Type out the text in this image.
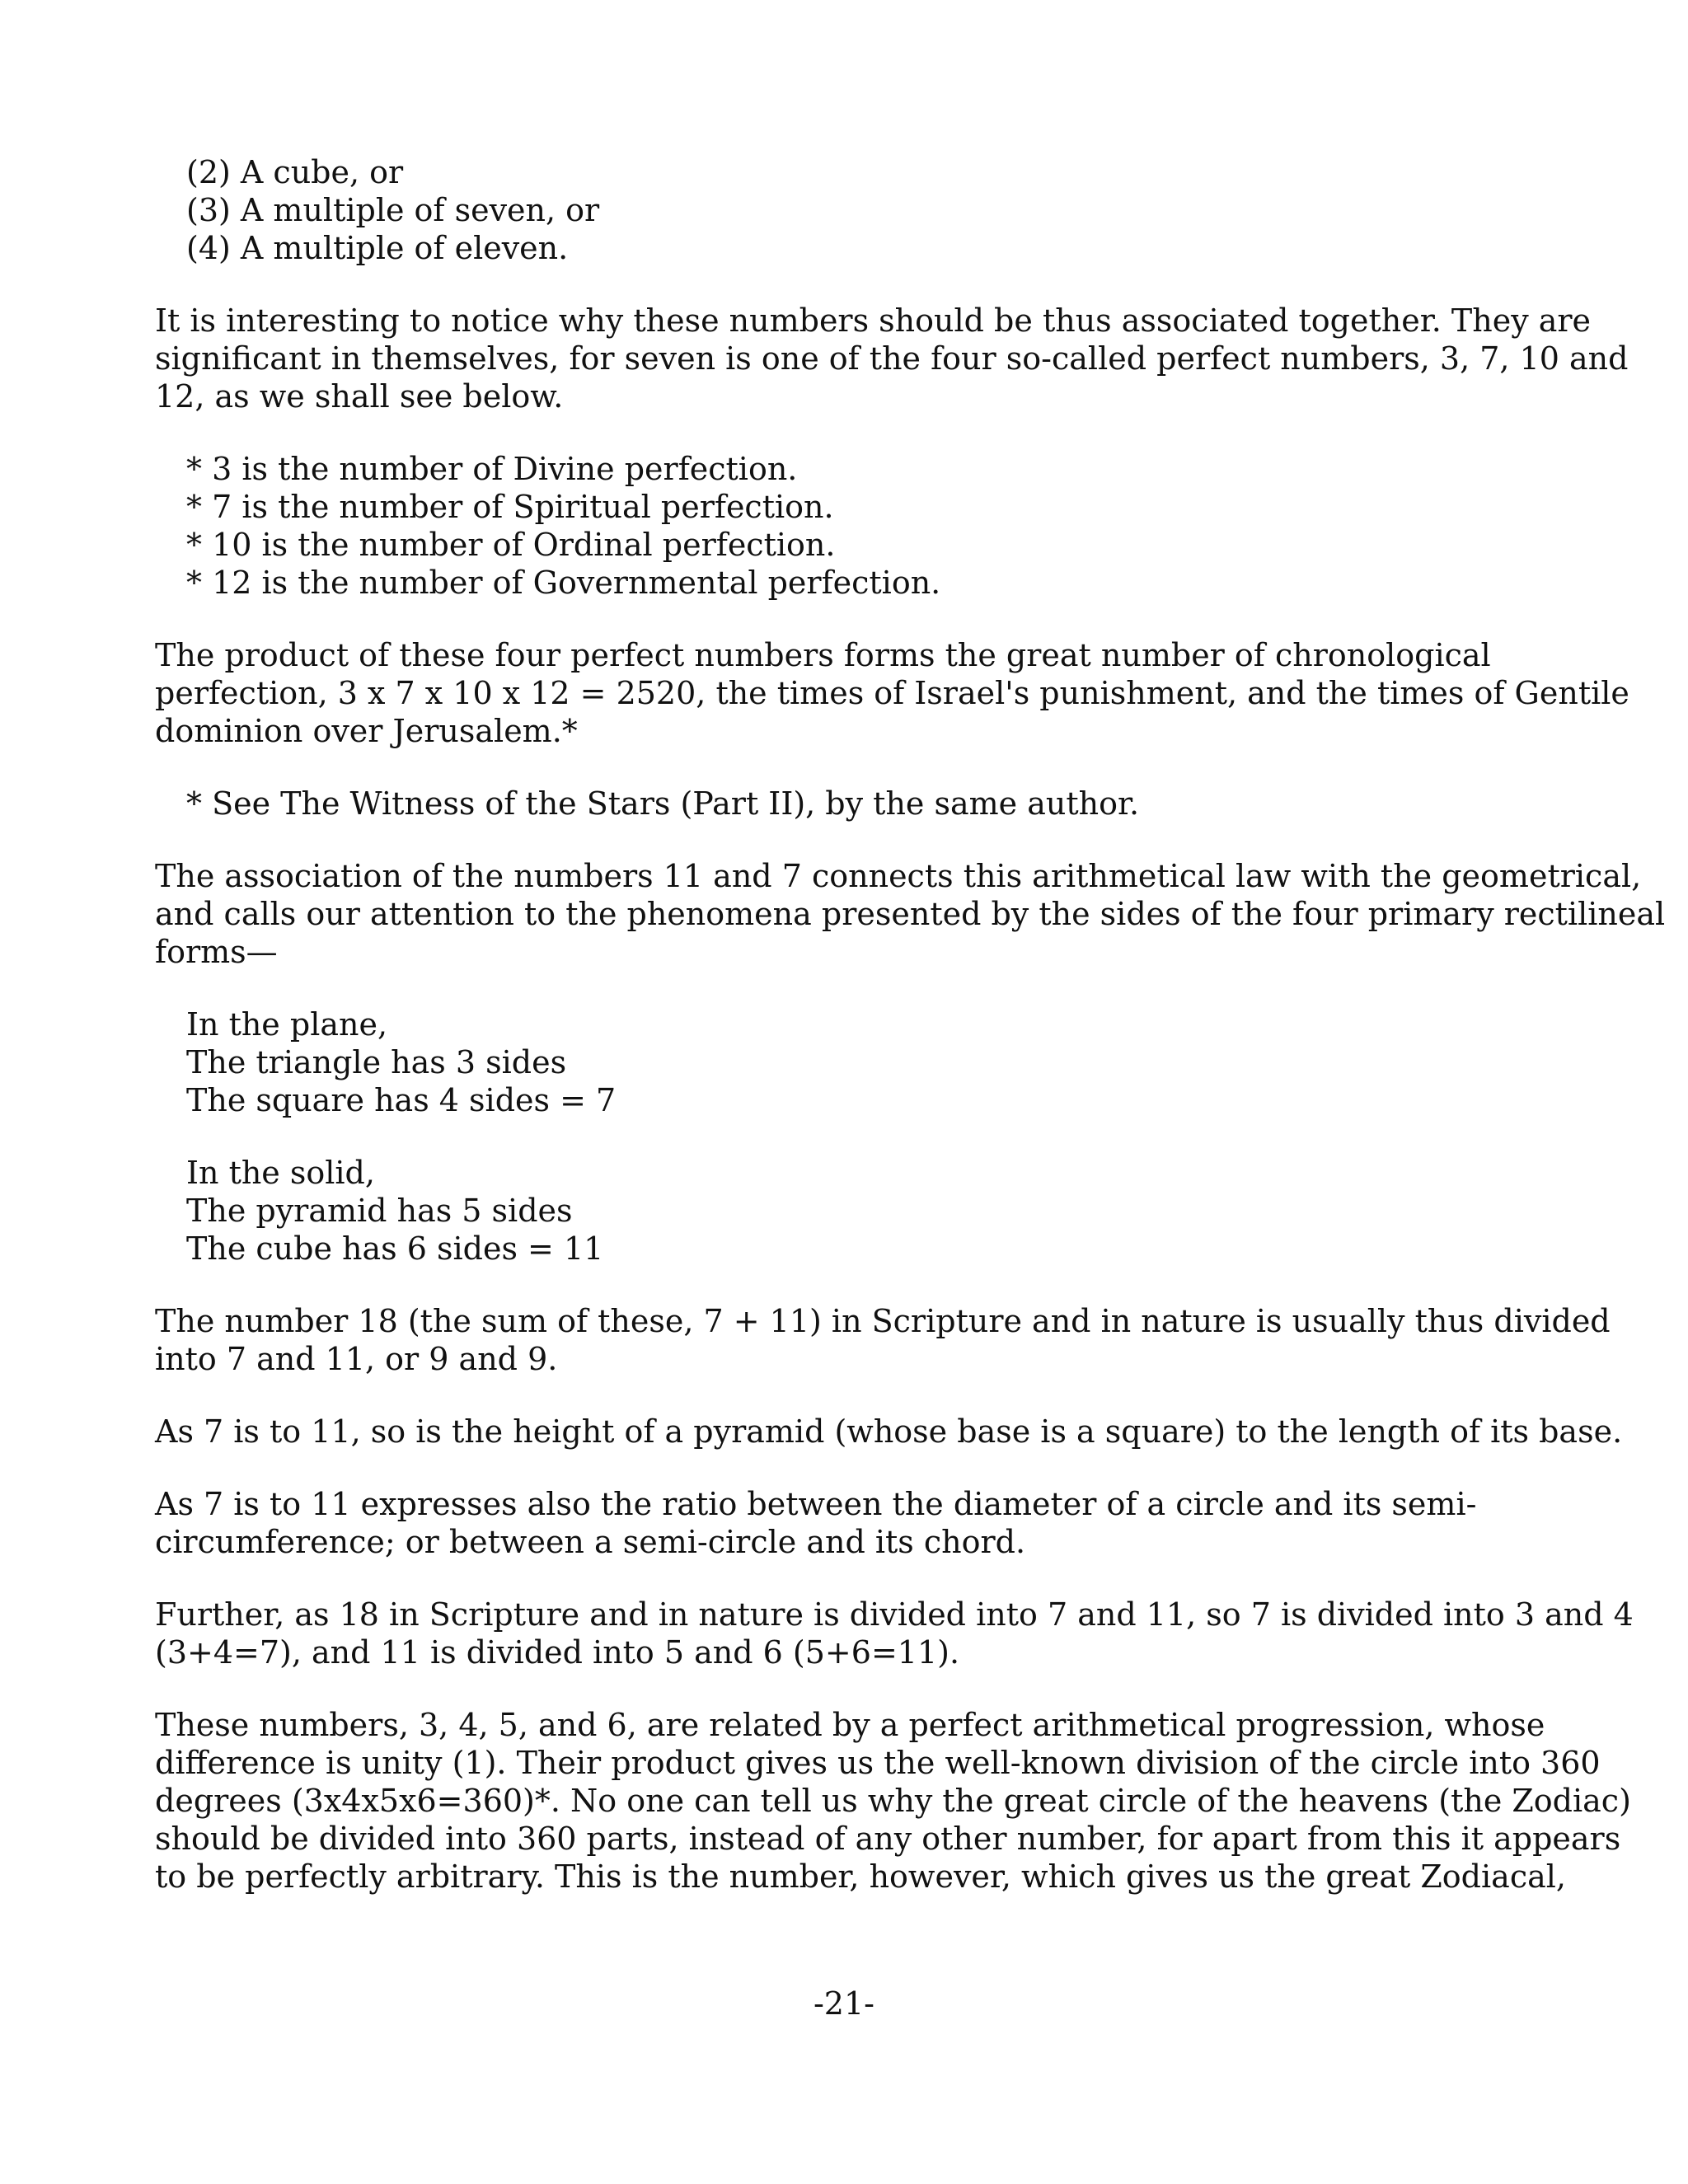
(2) A cube, or
(3) A multiple of seven, or
(4) A multiple of eleven.
It is interesting to notice why these numbers should be thus associated together. They are
significant in themselves, for seven is one of the four so-called perfect numbers, 3, 7, 10 and
12, as we shall see below.
* 3 is the number of Divine perfection.
* 7 is the number of Spiritual perfection.
* 10 is the number of Ordinal perfection.
* 12 is the number of Governmental perfection.
The product of these four perfect numbers forms the great number of chronological
perfection, 3 x 7 x 10 x 12 = 2520, the times of Israel's punishment, and the times of Gentile
dominion over Jerusalem.*
* See The Witness of the Stars (Part II), by the same author.
The association of the numbers 11 and 7 connects this arithmetical law with the geometrical,
and calls our attention to the phenomena presented by the sides of the four primary rectilineal
forms—
In the plane,
The triangle has 3 sides
The square has 4 sides = 7
In the solid,
The pyramid has 5 sides
The cube has 6 sides = 11
The number 18 (the sum of these, 7 + 11) in Scripture and in nature is usually thus divided
into 7 and 11, or 9 and 9.
As 7 is to 11, so is the height of a pyramid (whose base is a square) to the length of its base.
As 7 is to 11 expresses also the ratio between the diameter of a circle and its semi-
circumference; or between a semi-circle and its chord.
Further, as 18 in Scripture and in nature is divided into 7 and 11, so 7 is divided into 3 and 4
(3+4=7), and 11 is divided into 5 and 6 (5+6=11).
These numbers, 3, 4, 5, and 6, are related by a perfect arithmetical progression, whose
difference is unity (1). Their product gives us the well-known division of the circle into 360
degrees (3x4x5x6=360)*. No one can tell us why the great circle of the heavens (the Zodiac)
should be divided into 360 parts, instead of any other number, for apart from this it appears
to be perfectly arbitrary. This is the number, however, which gives us the great Zodiacal,
-21-
